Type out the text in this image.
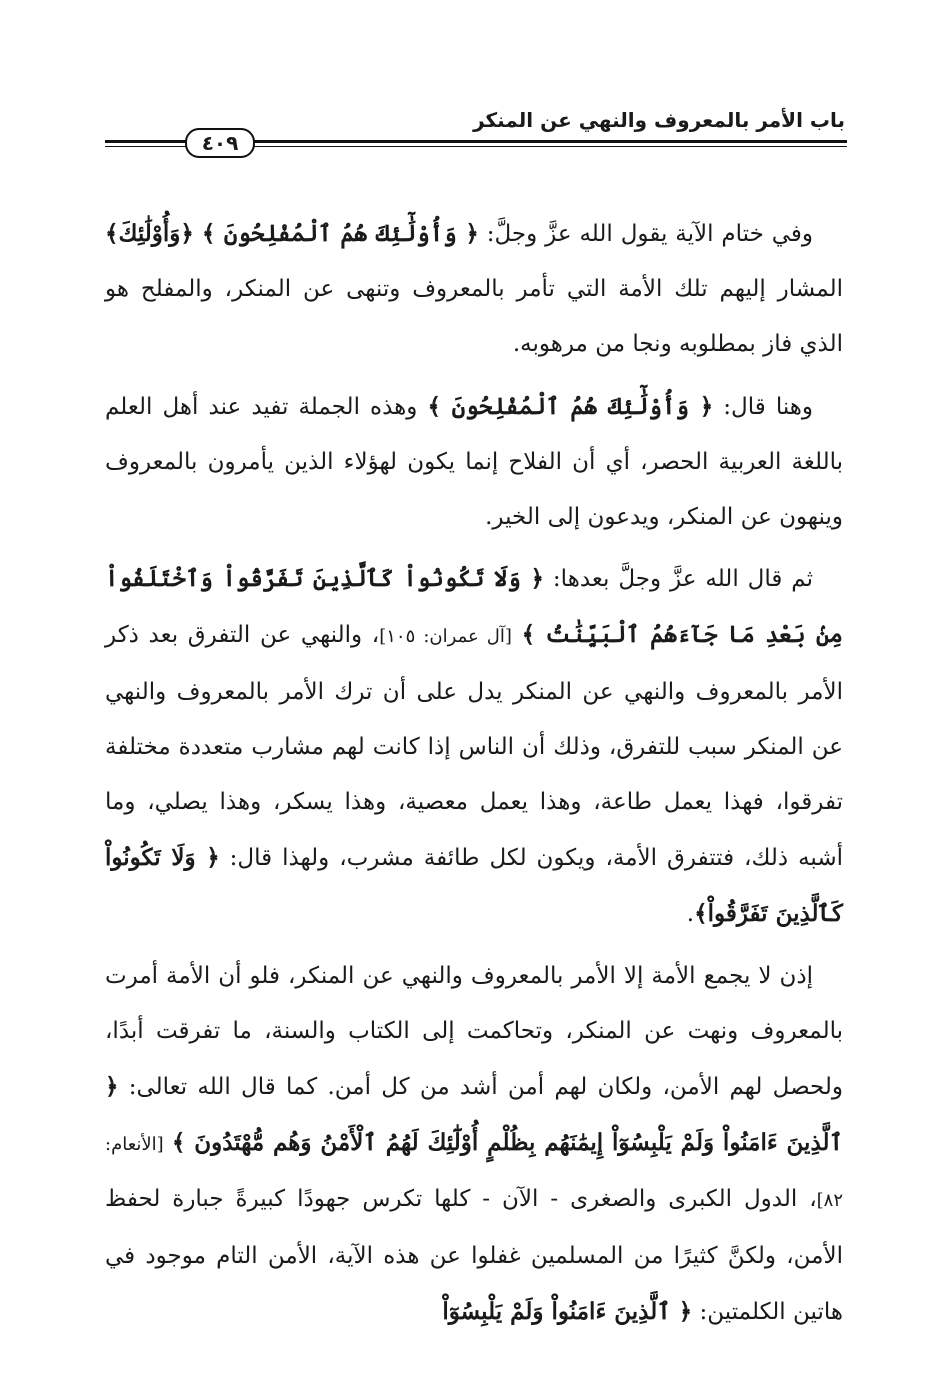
باب الأمر بالمعروف والنهي عن المنكر
٤٠٩

وفي ختام الآية يقول الله عزَّ وجلَّ: ﴿ وَأُوْلَٰٓئِكَ هُمُ ٱلْمُفْلِحُونَ ﴾ ﴿وَأُوْلَٰئِكَ﴾ المشار إليهم تلك الأمة التي تأمر بالمعروف وتنهى عن المنكر، والمفلح هو الذي فاز بمطلوبه ونجا من مرهوبه.

وهنا قال: ﴿ وَأُوْلَٰٓئِكَ هُمُ ٱلْمُفْلِحُونَ ﴾ وهذه الجملة تفيد عند أهل العلم باللغة العربية الحصر، أي أن الفلاح إنما يكون لهؤلاء الذين يأمرون بالمعروف وينهون عن المنكر، ويدعون إلى الخير.

ثم قال الله عزَّ وجلَّ بعدها: ﴿ وَلَا تَكُونُواْ كَٱلَّذِينَ تَفَرَّقُواْ وَٱخْتَلَفُواْ مِنۢ بَعْدِ مَا جَآءَهُمُ ٱلْبَيِّنَٰتُ ﴾ [آل عمران: ١٠٥]، والنهي عن التفرق بعد ذكر الأمر بالمعروف والنهي عن المنكر يدل على أن ترك الأمر بالمعروف والنهي عن المنكر سبب للتفرق، وذلك أن الناس إذا كانت لهم مشارب متعددة مختلفة تفرقوا، فهذا يعمل طاعة، وهذا يعمل معصية، وهذا يسكر، وهذا يصلي، وما أشبه ذلك، فتتفرق الأمة، ويكون لكل طائفة مشرب، ولهذا قال: ﴿ وَلَا تَكُونُواْ كَٱلَّذِينَ تَفَرَّقُواْ﴾.

إذن لا يجمع الأمة إلا الأمر بالمعروف والنهي عن المنكر، فلو أن الأمة أمرت بالمعروف ونهت عن المنكر، وتحاكمت إلى الكتاب والسنة، ما تفرقت أبدًا، ولحصل لهم الأمن، ولكان لهم أمن أشد من كل أمن. كما قال الله تعالى: ﴿ ٱلَّذِينَ ءَامَنُواْ وَلَمْ يَلْبِسُوٓاْ إِيمَٰنَهُم بِظُلْمٍ أُوْلَٰٓئِكَ لَهُمُ ٱلْأَمْنُ وَهُم مُّهْتَدُونَ ﴾ [الأنعام: ٨٢]، الدول الكبرى والصغرى - الآن - كلها تكرس جهودًا كبيرةً جبارة لحفظ الأمن، ولكنَّ كثيرًا من المسلمين غفلوا عن هذه الآية، الأمن التام موجود في هاتين الكلمتين: ﴿ ٱلَّذِينَ ءَامَنُواْ وَلَمْ يَلْبِسُوٓاْ
